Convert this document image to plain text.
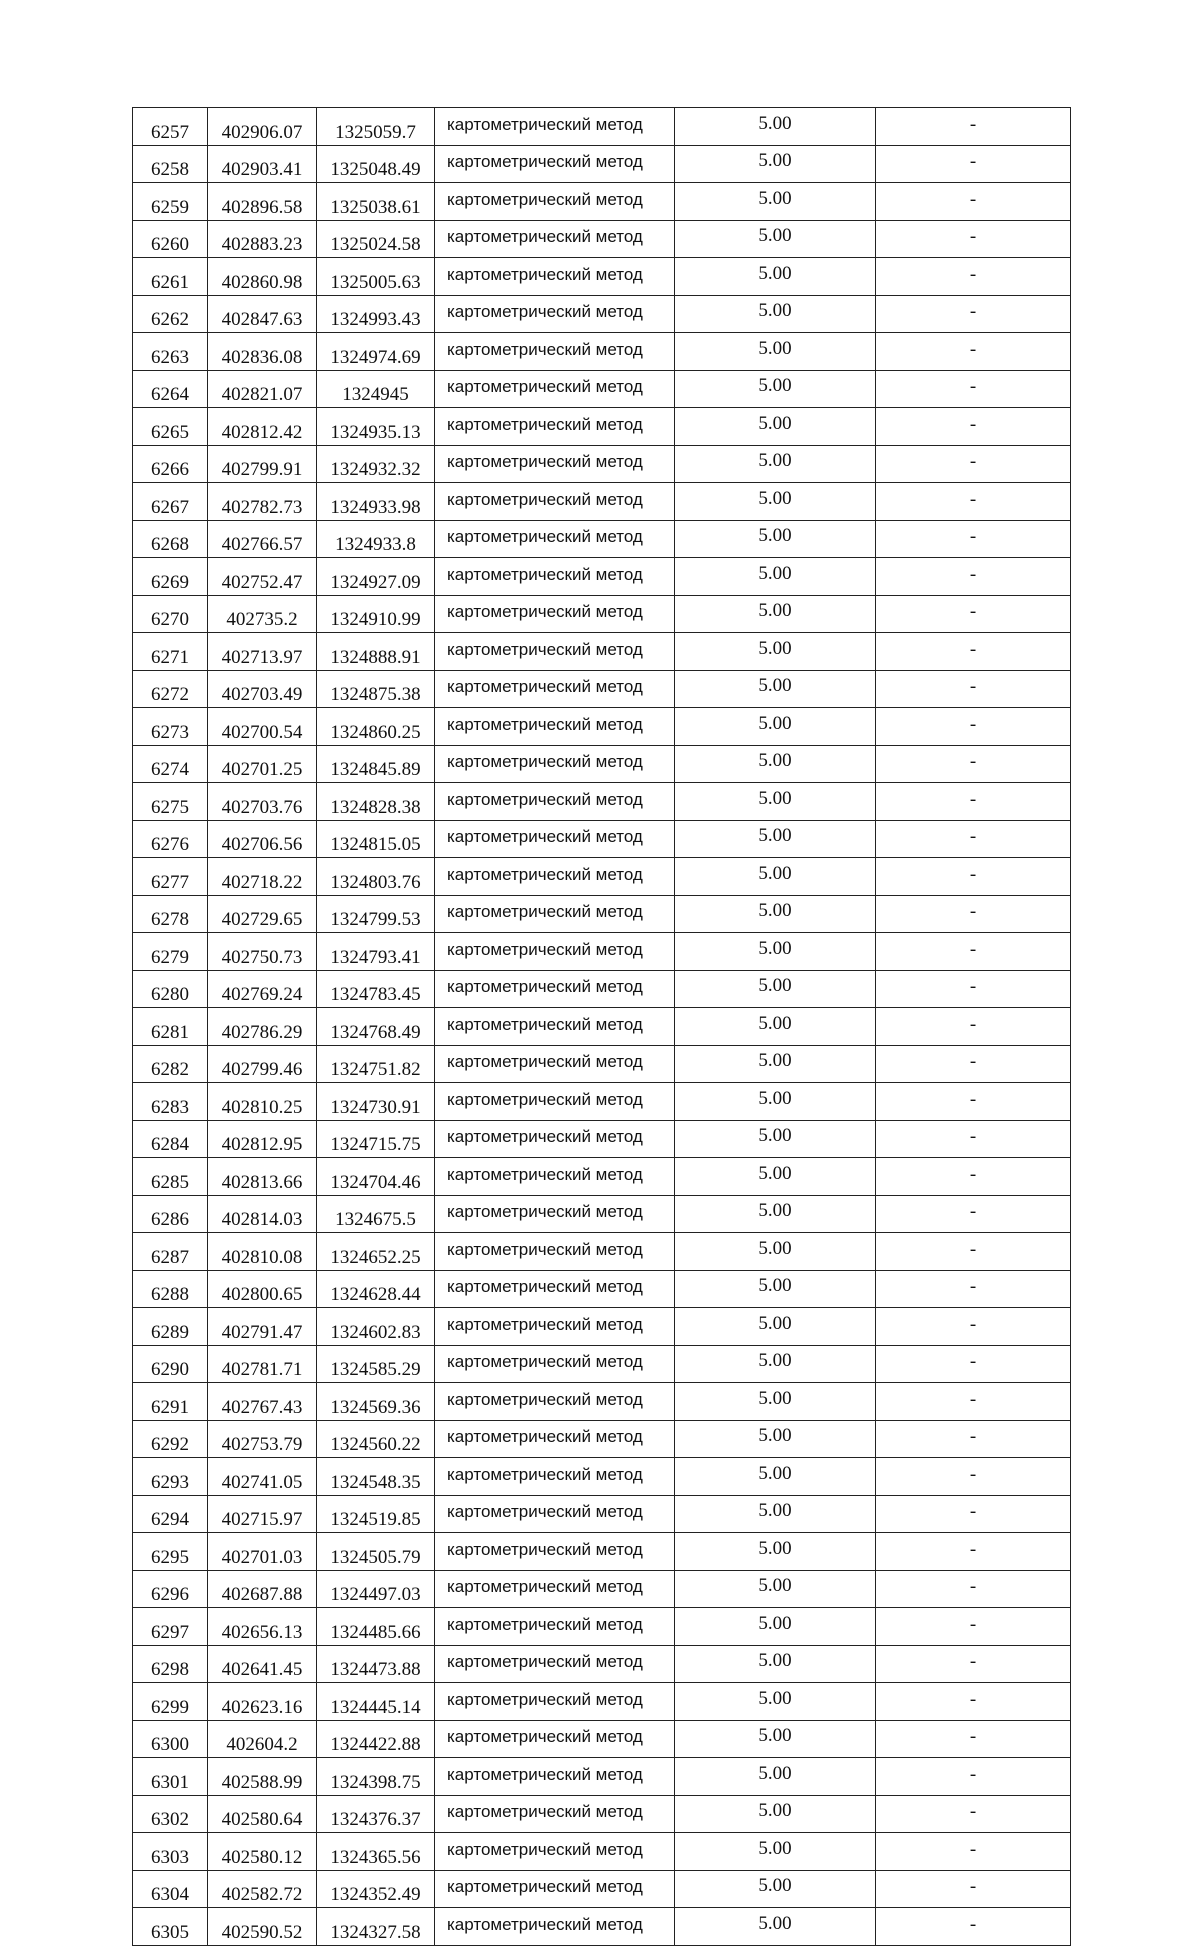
6257	402906.07	1325059.7	картометрический метод	5.00	-
6258	402903.41	1325048.49	картометрический метод	5.00	-
6259	402896.58	1325038.61	картометрический метод	5.00	-
6260	402883.23	1325024.58	картометрический метод	5.00	-
6261	402860.98	1325005.63	картометрический метод	5.00	-
6262	402847.63	1324993.43	картометрический метод	5.00	-
6263	402836.08	1324974.69	картометрический метод	5.00	-
6264	402821.07	1324945	картометрический метод	5.00	-
6265	402812.42	1324935.13	картометрический метод	5.00	-
6266	402799.91	1324932.32	картометрический метод	5.00	-
6267	402782.73	1324933.98	картометрический метод	5.00	-
6268	402766.57	1324933.8	картометрический метод	5.00	-
6269	402752.47	1324927.09	картометрический метод	5.00	-
6270	402735.2	1324910.99	картометрический метод	5.00	-
6271	402713.97	1324888.91	картометрический метод	5.00	-
6272	402703.49	1324875.38	картометрический метод	5.00	-
6273	402700.54	1324860.25	картометрический метод	5.00	-
6274	402701.25	1324845.89	картометрический метод	5.00	-
6275	402703.76	1324828.38	картометрический метод	5.00	-
6276	402706.56	1324815.05	картометрический метод	5.00	-
6277	402718.22	1324803.76	картометрический метод	5.00	-
6278	402729.65	1324799.53	картометрический метод	5.00	-
6279	402750.73	1324793.41	картометрический метод	5.00	-
6280	402769.24	1324783.45	картометрический метод	5.00	-
6281	402786.29	1324768.49	картометрический метод	5.00	-
6282	402799.46	1324751.82	картометрический метод	5.00	-
6283	402810.25	1324730.91	картометрический метод	5.00	-
6284	402812.95	1324715.75	картометрический метод	5.00	-
6285	402813.66	1324704.46	картометрический метод	5.00	-
6286	402814.03	1324675.5	картометрический метод	5.00	-
6287	402810.08	1324652.25	картометрический метод	5.00	-
6288	402800.65	1324628.44	картометрический метод	5.00	-
6289	402791.47	1324602.83	картометрический метод	5.00	-
6290	402781.71	1324585.29	картометрический метод	5.00	-
6291	402767.43	1324569.36	картометрический метод	5.00	-
6292	402753.79	1324560.22	картометрический метод	5.00	-
6293	402741.05	1324548.35	картометрический метод	5.00	-
6294	402715.97	1324519.85	картометрический метод	5.00	-
6295	402701.03	1324505.79	картометрический метод	5.00	-
6296	402687.88	1324497.03	картометрический метод	5.00	-
6297	402656.13	1324485.66	картометрический метод	5.00	-
6298	402641.45	1324473.88	картометрический метод	5.00	-
6299	402623.16	1324445.14	картометрический метод	5.00	-
6300	402604.2	1324422.88	картометрический метод	5.00	-
6301	402588.99	1324398.75	картометрический метод	5.00	-
6302	402580.64	1324376.37	картометрический метод	5.00	-
6303	402580.12	1324365.56	картометрический метод	5.00	-
6304	402582.72	1324352.49	картометрический метод	5.00	-
6305	402590.52	1324327.58	картометрический метод	5.00	-
